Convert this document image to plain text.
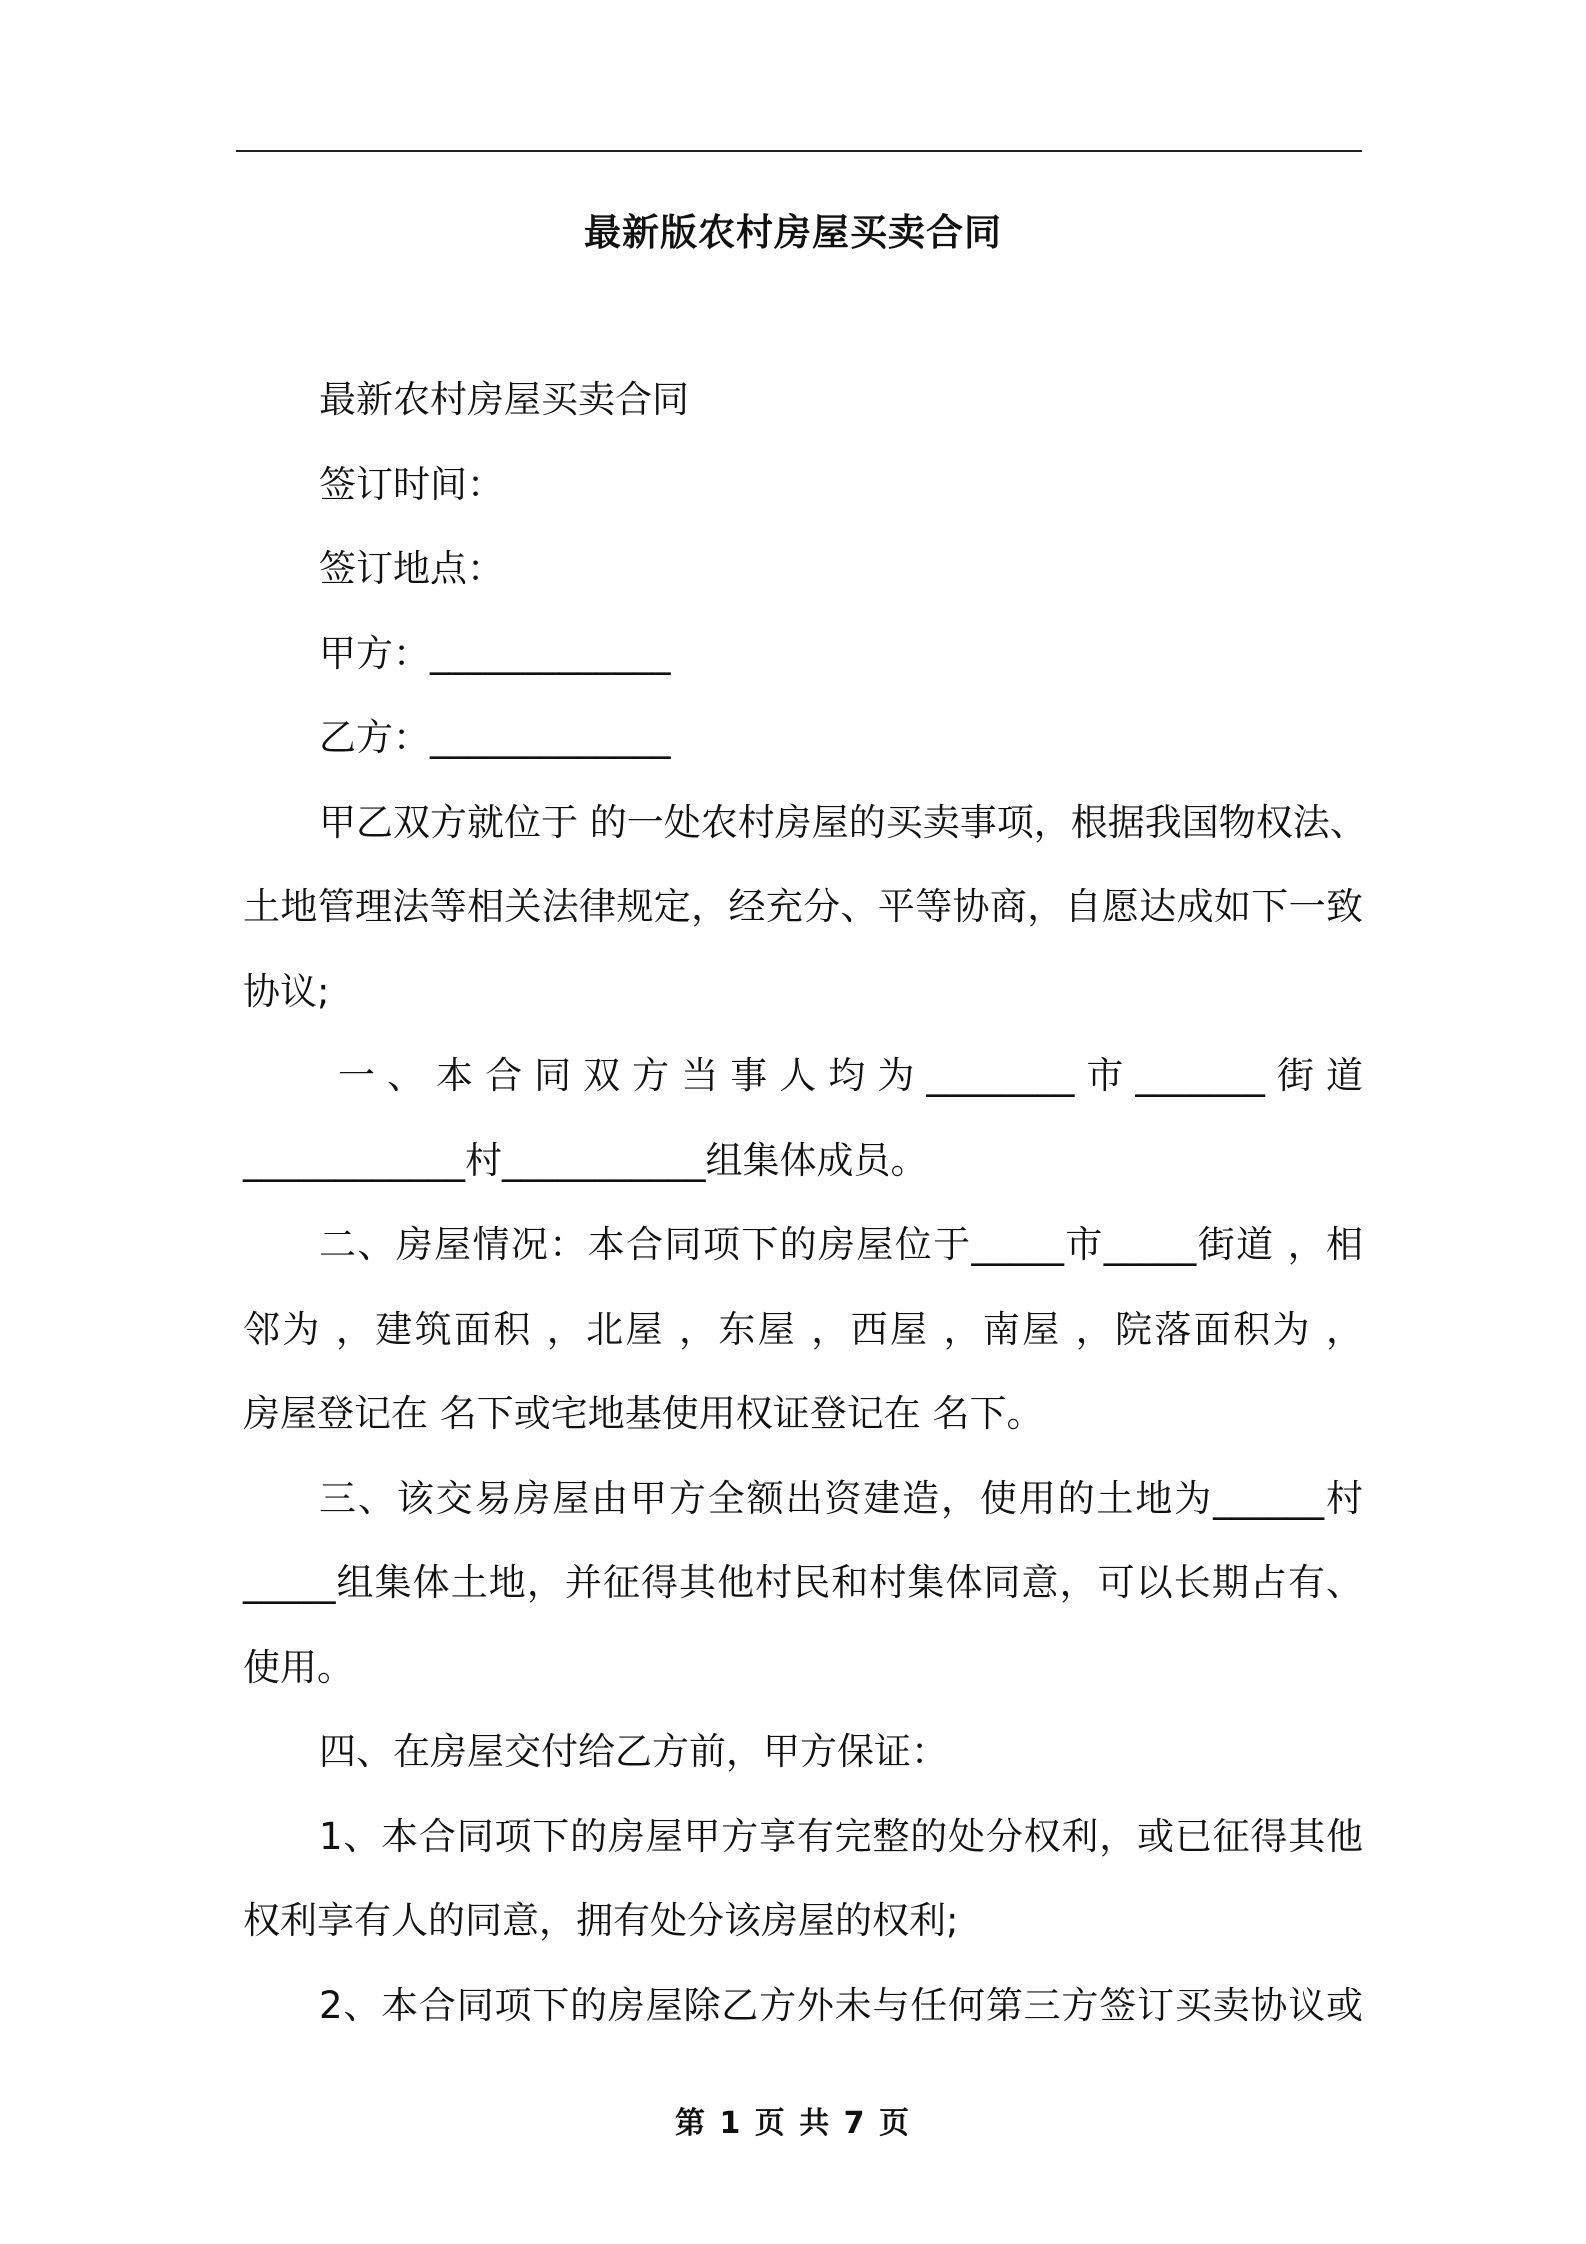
最新版农村房屋买卖合同
最新农村房屋买卖合同
签订时间：
签订地点：
甲方：_____________
乙方：_____________
甲乙双方就位于 的一处农村房屋的买卖事项，根据我国物权法、
土地管理法等相关法律规定，经充分、平等协商，自愿达成如下一致
协议;
一、本合同双方当事人均为________市_______街道
____________村___________组集体成员。
二、房屋情况：本合同项下的房屋位于_____市_____街道 ，相
邻为 ，建筑面积 ，北屋 ，东屋 ，西屋 ，南屋 ，院落面积为 ，
房屋登记在 名下或宅地基使用权证登记在 名下。
三、该交易房屋由甲方全额出资建造，使用的土地为______村
_____组集体土地，并征得其他村民和村集体同意，可以长期占有、
使用。
四、在房屋交付给乙方前，甲方保证：
1、本合同项下的房屋甲方享有完整的处分权利，或已征得其他
权利享有人的同意，拥有处分该房屋的权利;
2、本合同项下的房屋除乙方外未与任何第三方签订买卖协议或
第 1 页 共 7 页
